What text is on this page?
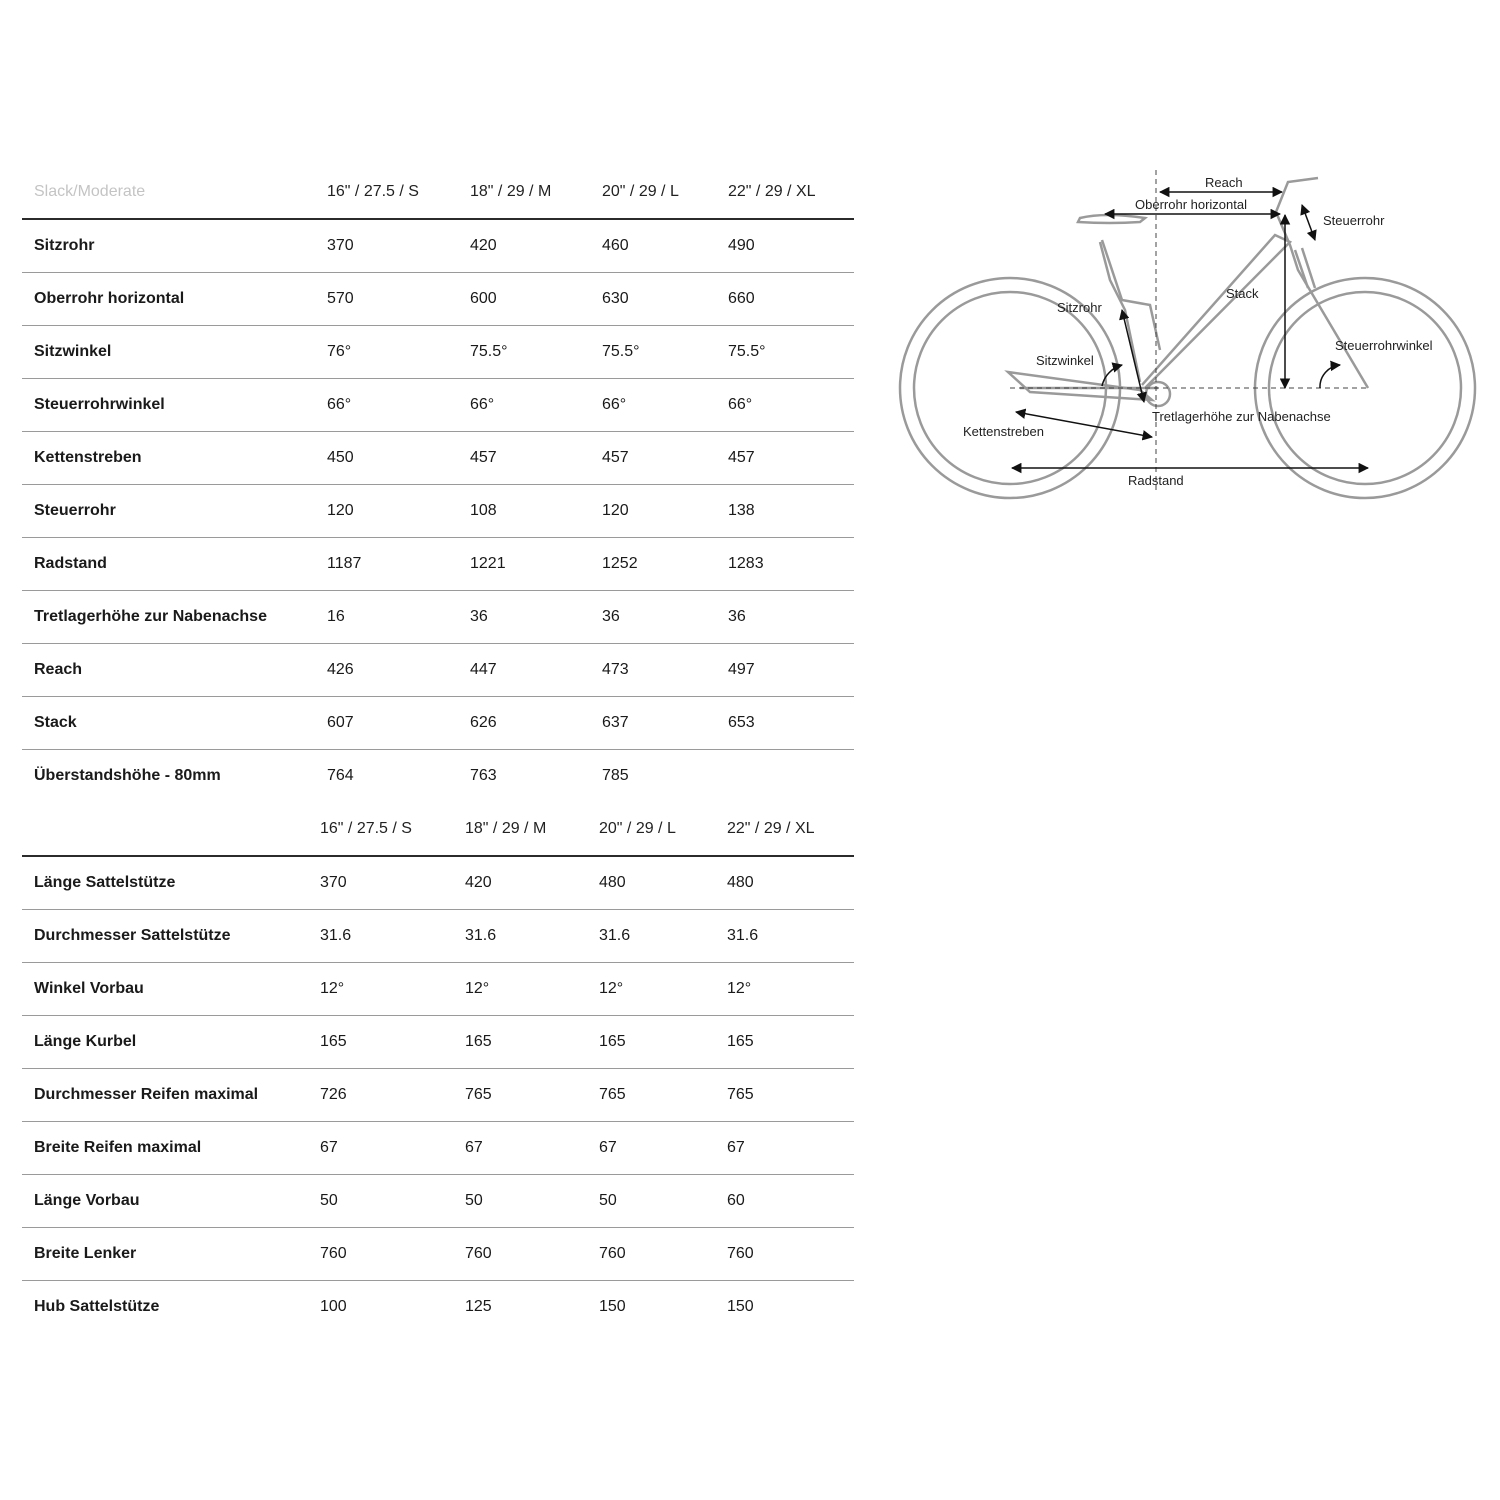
Slack/Moderate	16" / 27.5 / S	18" / 29 / M	20" / 29 / L	22" / 29 / XL
Sitzrohr	370	420	460	490
Oberrohr horizontal	570	600	630	660
Sitzwinkel	76°	75.5°	75.5°	75.5°
Steuerrohrwinkel	66°	66°	66°	66°
Kettenstreben	450	457	457	457
Steuerrohr	120	108	120	138
Radstand	1187	1221	1252	1283
Tretlagerhöhe zur Nabenachse	16	36	36	36
Reach	426	447	473	497
Stack	607	626	637	653
Überstandshöhe - 80mm	764	763	785	
	16" / 27.5 / S	18" / 29 / M	20" / 29 / L	22" / 29 / XL
Länge Sattelstütze	370	420	480	480
Durchmesser Sattelstütze	31.6	31.6	31.6	31.6
Winkel Vorbau	12°	12°	12°	12°
Länge Kurbel	165	165	165	165
Durchmesser Reifen maximal	726	765	765	765
Breite Reifen maximal	67	67	67	67
Länge Vorbau	50	50	50	60
Breite Lenker	760	760	760	760
Hub Sattelstütze	100	125	150	150
Reach
Oberrohr horizontal
Steuerrohr
Sitzrohr
Stack
Steuerrohrwinkel
Sitzwinkel
Tretlagerhöhe zur Nabenachse
Kettenstreben
Radstand
